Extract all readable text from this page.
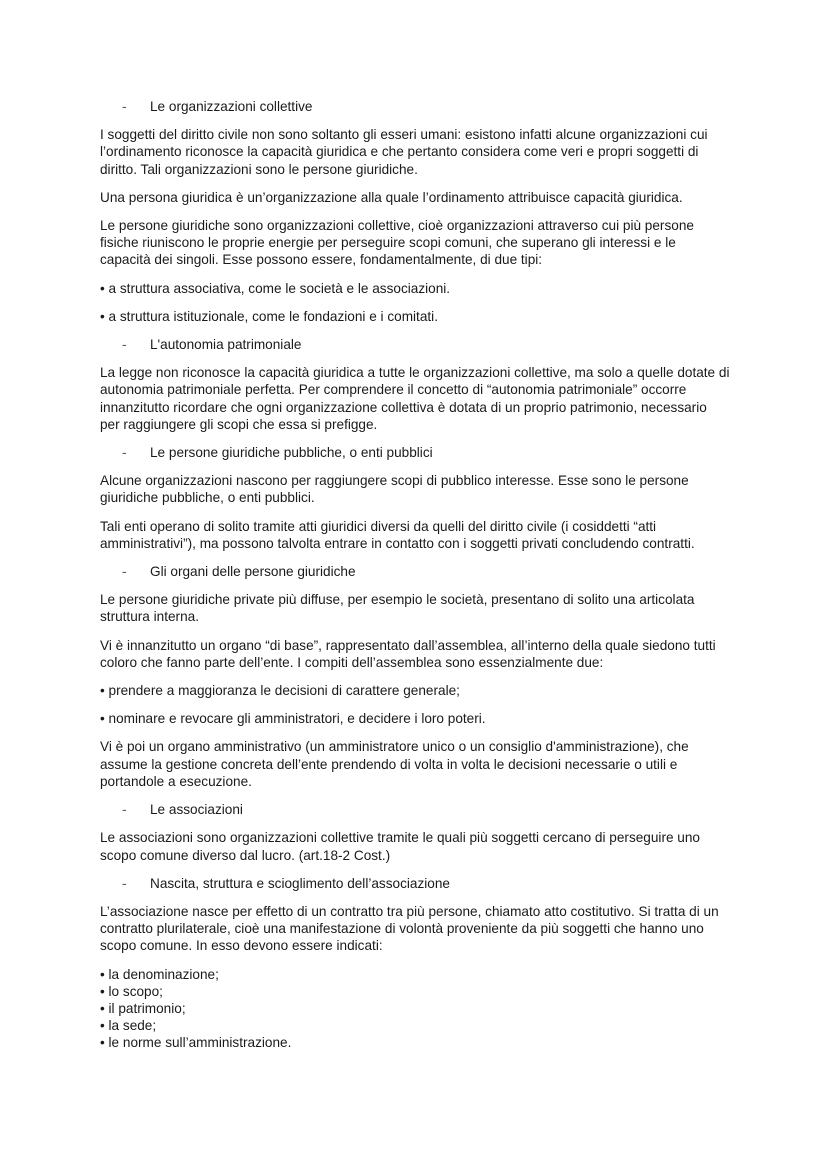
-	Le organizzazioni collettive

I soggetti del diritto civile non sono soltanto gli esseri umani: esistono infatti alcune organizzazioni cui l’ordinamento riconosce la capacità giuridica e che pertanto considera come veri e propri soggetti di diritto. Tali organizzazioni sono le persone giuridiche.

Una persona giuridica è un’organizzazione alla quale l’ordinamento attribuisce capacità giuridica.

Le persone giuridiche sono organizzazioni collettive, cioè organizzazioni attraverso cui più persone fisiche riuniscono le proprie energie per perseguire scopi comuni, che superano gli interessi e le capacità dei singoli. Esse possono essere, fondamentalmente, di due tipi:

• a struttura associativa, come le società e le associazioni.

• a struttura istituzionale, come le fondazioni e i comitati.

-	L'autonomia patrimoniale

La legge non riconosce la capacità giuridica a tutte le organizzazioni collettive, ma solo a quelle dotate di autonomia patrimoniale perfetta. Per comprendere il concetto di “autonomia patrimoniale” occorre innanzitutto ricordare che ogni organizzazione collettiva è dotata di un proprio patrimonio, necessario per raggiungere gli scopi che essa si prefigge.

-	Le persone giuridiche pubbliche, o enti pubblici

Alcune organizzazioni nascono per raggiungere scopi di pubblico interesse. Esse sono le persone giuridiche pubbliche, o enti pubblici.

Tali enti operano di solito tramite atti giuridici diversi da quelli del diritto civile (i cosiddetti “atti amministrativi”), ma possono talvolta entrare in contatto con i soggetti privati concludendo contratti.

-	Gli organi delle persone giuridiche

Le persone giuridiche private più diffuse, per esempio le società, presentano di solito una articolata struttura interna.

Vi è innanzitutto un organo “di base”, rappresentato dall’assemblea, all’interno della quale siedono tutti coloro che fanno parte dell’ente. I compiti dell’assemblea sono essenzialmente due:

• prendere a maggioranza le decisioni di carattere generale;

• nominare e revocare gli amministratori, e decidere i loro poteri.

Vi è poi un organo amministrativo (un amministratore unico o un consiglio d'amministrazione), che assume la gestione concreta dell’ente prendendo di volta in volta le decisioni necessarie o utili e portandole a esecuzione.

-	Le associazioni

Le associazioni sono organizzazioni collettive tramite le quali più soggetti cercano di perseguire uno scopo comune diverso dal lucro. (art.18-2 Cost.)

-	Nascita, struttura e scioglimento dell’associazione

L’associazione nasce per effetto di un contratto tra più persone, chiamato atto costitutivo. Si tratta di un contratto plurilaterale, cioè una manifestazione di volontà proveniente da più soggetti che hanno uno scopo comune. In esso devono essere indicati:

• la denominazione;

• lo scopo;

• il patrimonio;

• la sede;

• le norme sull’amministrazione.
